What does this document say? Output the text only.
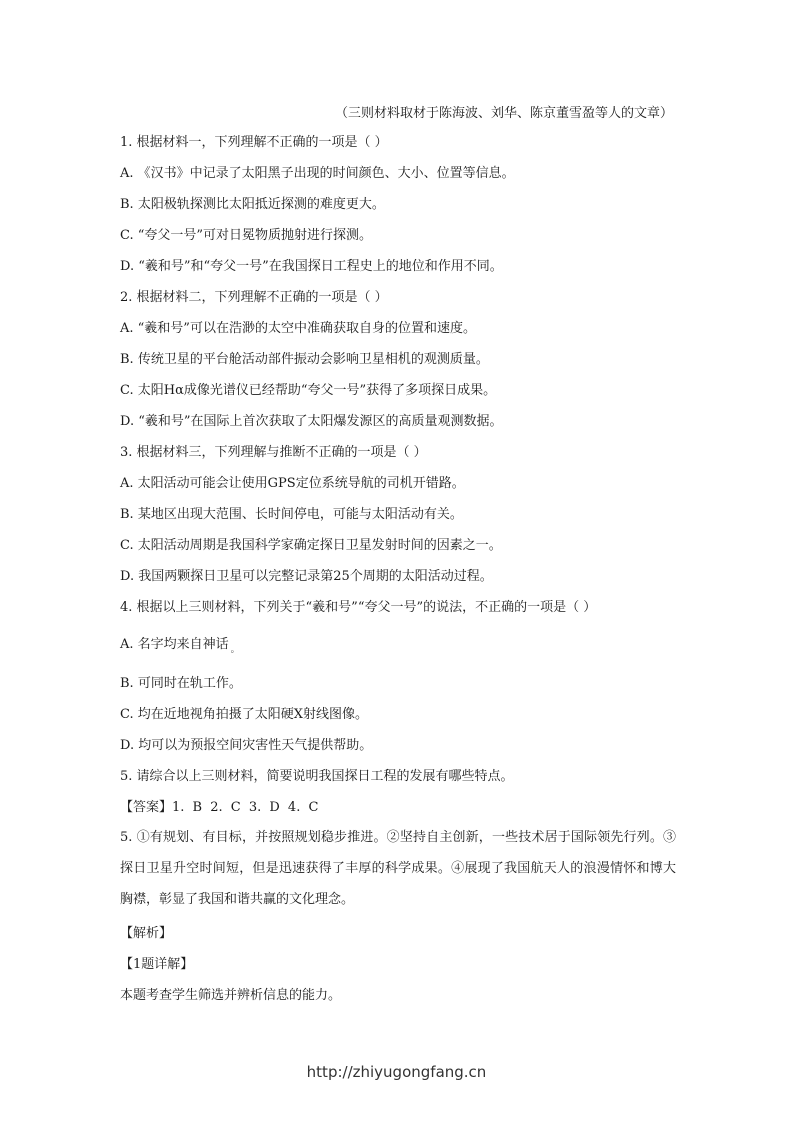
（三则材料取材于陈海波、刘华、陈京董雪盈等人的文章）
1. 根据材料一，下列理解不正确的一项是（ ）
A. 《汉书》中记录了太阳黑子出现的时间颜色、大小、位置等信息。
B. 太阳极轨探测比太阳抵近探测的难度更大。
C. “夸父一号”可对日冕物质抛射进行探测。
D. “羲和号”和“夸父一号”在我国探日工程史上的地位和作用不同。
2. 根据材料二，下列理解不正确的一项是（ ）
A. “羲和号”可以在浩渺的太空中准确获取自身的位置和速度。
B. 传统卫星的平台舱活动部件振动会影响卫星相机的观测质量。
C. 太阳Hα成像光谱仪已经帮助“夸父一号”获得了多项探日成果。
D. “羲和号”在国际上首次获取了太阳爆发源区的高质量观测数据。
3. 根据材料三，下列理解与推断不正确的一项是（ ）
A. 太阳活动可能会让使用GPS定位系统导航的司机开错路。
B. 某地区出现大范围、长时间停电，可能与太阳活动有关。
C. 太阳活动周期是我国科学家确定探日卫星发射时间的因素之一。
D. 我国两颗探日卫星可以完整记录第25个周期的太阳活动过程。
4. 根据以上三则材料，下列关于“羲和号”“夸父一号”的说法，不正确的一项是（ ）
A. 名字均来自神话 $_。$
B. 可同时在轨工作。
C. 均在近地视角拍摄了太阳硬X射线图像。
D. 均可以为预报空间灾害性天气提供帮助。
5. 请综合以上三则材料，简要说明我国探日工程的发展有哪些特点。
【答案】1. B 2. C 3. D 4. C
5. ①有规划、有目标，并按照规划稳步推进。②坚持自主创新，一些技术居于国际领先行列。③探日卫星升空时间短，但是迅速获得了丰厚的科学成果。④展现了我国航天人的浪漫情怀和博大胸襟，彰显了我国和谐共赢的文化理念。
【解析】
【1题详解】
本题考查学生筛选并辨析信息的能力。
http://zhiyugongfang.cn
